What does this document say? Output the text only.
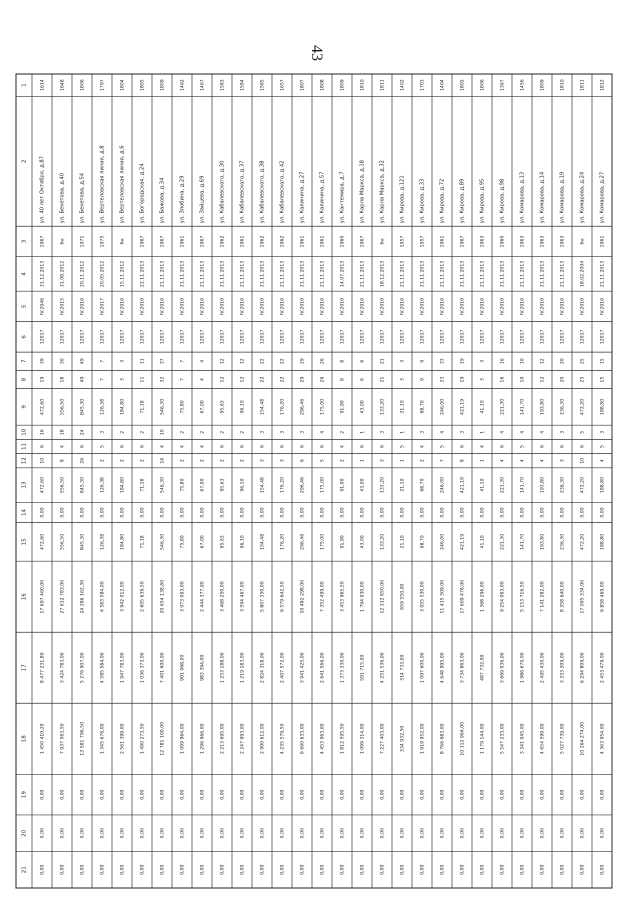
43
1
2
3
4
5
6
7
8
9
10
11
12
13
14
15
16
17
18
19
20
21
1614
ул. 40 лет Октября, д.87
1967
31.12.2013
IV.2046
12017
39
19
472,60
16
6
10
472,60
0,00
472,60
17 697 460,00
8 477 231,80
1 450 410,20
0,00
0,00
0,00
1648
ул. Бекетова, д.40
бн
31.08.2012
IV.2015
12017
30
18
556,50
18
4
8
556,50
0,00
556,50
27 612 783,00
3 424 783,00
7 937 563,50
0,00
0,00
0,00
1806
ул. Бекетова, д.54
1971
20.11.2012
IV.2016
12017
49
49
845,30
24
6
26
845,30
0,00
845,30
24 286 162,30
5 276 907,00
13 581 796,50
0,00
0,00
0,00
1797
ул. Вертеловская линия, д.8
1975
20.05.2012
IV.2017
12017
7
7
126,38
3
5
2
126,38
0,00
126,38
4 583 584,00
4 585 584,00
1 345 676,00
0,00
0,00
0,00
1804
ул. Вертеловская линия, д.6
бн
15.11.2012
IV.2016
12017
3
3
184,80
2
6
2
184,80
0,00
184,80
3 942 012,00
1 947 783,00
2 561 399,00
0,00
0,00
0,00
1805
ул. Богородская, д.24
1967
22.11.2013
IV.2016
12017
11
11
71,18
2
6
2
71,18
0,00
71,18
2 605 639,50
1 036 373,00
1 490 273,50
0,00
0,00
0,00
1809
ул. Бажова, д.34
1967
21.11.2013
IV.2016
12017
37
32
546,30
10
4
16
546,30
0,00
546,30
20 654 138,60
7 401 600,00
12 781 100,00
0,00
0,00
0,00
1462
ул. Злобина, д.29
1961
21.11.2013
IV.2016
12017
7
7
75,80
2
4
2
75,80
0,00
75,80
3 073 063,00
901 068,00
1 099 964,00
0,00
0,00
0,00
1467
ул. Зайцева, д.69
1967
21.11.2013
IV.2016
12017
4
4
67,00
2
4
2
67,00
0,00
67,00
2 444 377,00
983 394,00
1 296 966,00
0,00
0,00
0,00
1583
ул. Кабалевского, д.30
1962
21.11.2013
IV.2016
12017
12
12
95,63
2
6
2
95,63
0,00
95,63
3 468 250,00
1 253 188,00
2 213 695,00
0,00
0,00
0,00
1584
ул. Кабалевского, д.37
1961
21.11.2013
IV.2016
12017
12
12
96,10
2
6
2
96,10
0,00
96,10
3 594 467,00
1 219 183,00
2 247 993,00
0,00
0,00
0,00
1585
ул. Кабалевского, д.38
1962
21.11.2013
IV.2016
12017
22
22
154,48
3
6
3
154,48
0,00
154,48
5 807 350,00
2 824 318,00
2 990 612,00
0,00
0,00
0,00
1657
ул. Кабалевского, д.42
1962
21.11.2013
IV.2016
12017
22
22
176,20
3
6
3
176,20
0,00
176,20
6 579 642,50
2 407 572,00
4 235 579,50
0,00
0,00
0,00
1807
ул. Калинина, д.27
1961
21.11.2013
IV.2016
12017
29
29
296,46
3
6
6
296,46
0,00
296,46
10 482 298,00
3 941 425,00
6 690 633,00
0,00
0,00
0,00
1808
ул. Калинина, д.57
1961
21.11.2013
IV.2016
12017
26
26
175,00
4
6
5
175,00
0,00
175,00
7 352 499,00
2 641 566,00
4 453 963,00
0,00
0,00
0,00
1809
ул. Кантемира, д.7
1960
14.07.2013
IV.2016
12017
8
8
91,90
2
4
2
91,90
0,00
91,90
3 453 965,50
1 373 330,00
1 812 595,50
0,00
0,00
0,00
1810
ул. Карла Маркса, д.18
1967
21.11.2013
IV.2016
12017
6
6
43,00
1
6
1
43,00
0,00
43,00
1 794 930,00
591 715,00
1 099 314,00
0,00
0,00
0,00
1811
ул. Карла Маркса, д.32
бн
18.12.2013
IV.2016
12017
21
21
133,20
3
6
3
133,20
0,00
133,20
12 312 850,00
4 251 536,00
7 227 403,00
0,00
0,00
0,00
1402
ул. Кирова, д.121
1957
21.11.2013
IV.2016
12017
3
3
21,10
1
5
1
21,10
0,00
21,10
659 550,00
314 733,00
334 932,50
0,00
0,00
0,00
1703
ул. Кирова, д.33
1957
21.11.2013
IV.2016
12017
9
9
68,70
3
4
2
68,70
0,00
68,70
3 055 530,00
1 097 600,00
1 919 952,00
0,00
0,00
0,00
1404
ул. Кирова, д.72
1961
21.11.2013
IV.2016
12017
33
33
246,00
4
5
7
246,00
0,00
246,00
11 415 309,00
4 648 995,00
8 766 683,00
0,00
0,00
0,00
1802
ул. Кирова, д.89
1967
21.11.2013
IV.2016
12017
19
19
421,19
3
6
8
421,19
0,00
421,19
17 609 478,00
3 734 863,00
10 112 964,00
0,00
0,00
0,00
1806
ул. Кирова, д.95
1963
21.11.2013
IV.2016
12017
3
3
41,10
1
4
1
41,10
0,00
41,10
1 368 296,00
487 732,00
1 179 144,00
0,00
0,00
0,00
1367
ул. Кирова, д.98
1960
21.11.2013
IV.2016
12017
16
16
221,30
4
6
4
221,30
0,00
221,30
9 254 063,00
3 669 036,00
5 547 233,00
0,00
0,00
0,00
1456
ул. Комарова, д.13
1963
21.11.2013
IV.2016
12017
10
10
141,70
4
5
4
141,70
0,00
141,70
5 153 716,50
1 986 670,00
3 341 045,00
0,00
0,00
0,00
1809
ул. Комарова, д.14
1963
21.11.2013
IV.2016
12017
12
12
193,80
4
6
4
193,80
0,00
193,80
7 141 282,00
2 495 430,00
4 654 599,00
0,00
0,00
0,00
1810
ул. Комарова, д.19
1963
21.11.2013
IV.2016
12017
20
20
236,30
3
6
3
236,30
0,00
236,30
8 358 640,00
3 333 309,00
5 027 739,00
0,00
0,00
0,00
1811
ул. Комарова, д.24
бн
18.02.2004
IV.2016
12017
25
25
472,20
5
6
10
472,20
0,00
472,20
17 095 334,00
6 294 809,00
10 264 274,00
0,00
0,00
0,00
1812
ул. Комарова, д.27
1961
21.11.2013
IV.2016
12017
15
15
188,80
3
5
4
188,80
0,00
188,80
6 858 469,00
2 453 479,00
4 363 954,00
0,00
0,00
0,00
